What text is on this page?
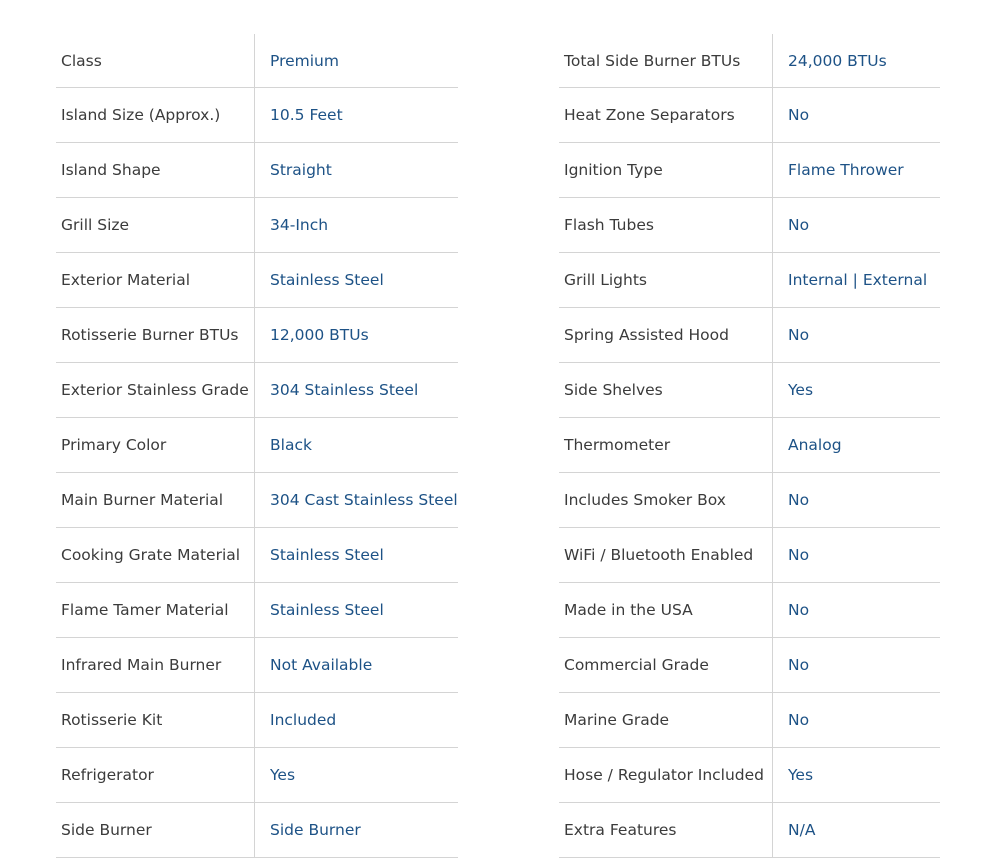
Class	Premium
Island Size (Approx.)	10.5 Feet
Island Shape	Straight
Grill Size	34-Inch
Exterior Material	Stainless Steel
Rotisserie Burner BTUs	12,000 BTUs
Exterior Stainless Grade	304 Stainless Steel
Primary Color	Black
Main Burner Material	304 Cast Stainless Steel
Cooking Grate Material	Stainless Steel
Flame Tamer Material	Stainless Steel
Infrared Main Burner	Not Available
Rotisserie Kit	Included
Refrigerator	Yes
Side Burner	Side Burner
Total Side Burner BTUs	24,000 BTUs
Heat Zone Separators	No
Ignition Type	Flame Thrower
Flash Tubes	No
Grill Lights	Internal | External
Spring Assisted Hood	No
Side Shelves	Yes
Thermometer	Analog
Includes Smoker Box	No
WiFi / Bluetooth Enabled	No
Made in the USA	No
Commercial Grade	No
Marine Grade	No
Hose / Regulator Included	Yes
Extra Features	N/A
